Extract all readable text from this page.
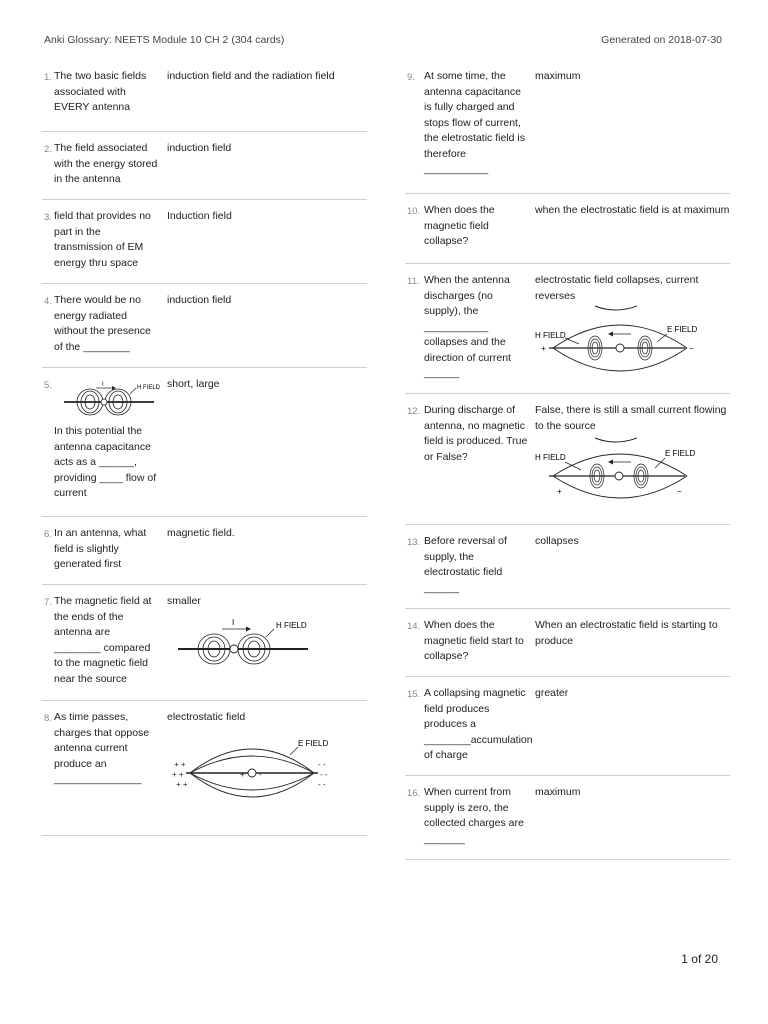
Anki Glossary: NEETS Module 10 CH 2 (304 cards)	Generated on 2018-07-30
1. The two basic fields associated with EVERY antenna
induction field and the radiation field
2. The field associated with the energy stored in the antenna
induction field
3. field that provides no part in the transmission of EM energy thru space
Induction field
4. There would be no energy radiated without the presence of the ________
induction field
5.	I	H FIELD
In this potential the antenna capacitance acts as a ______, providing ____ flow of current
short, large
6. In an antenna, what field is slightly generated first
magnetic field.
7. The magnetic field at the ends of the antenna are ________ compared to the magnetic field near the source
smaller
I	H FIELD
8. As time passes, charges that oppose antenna current produce an _______________
electrostatic field
+ +
+ +
+ +
- -
- -
- -
+ -
E FIELD
9. At some time, the antenna capacitance is fully charged and stops flow of current, the eletrostatic field is therefore ___________
maximum
10. When does the magnetic field collapse?
when the electrostatic field is at maximum
11. When the antenna discharges (no supply), the ___________ collapses and the direction of current ______
electrostatic field collapses, current reverses
H FIELD
E FIELD
+	−
12. During discharge of antenna, no magnetic field is produced. True or False?
False, there is still a small current flowing to the source
H FIELD	E FIELD
+	−
13. Before reversal of supply, the electrostatic field ______
collapses
14. When does the magnetic field start to collapse?
When an electrostatic field is starting to produce
15. A collapsing magnetic field produces produces a ________accumulation of charge
greater
16. When current from supply is zero, the collected charges are _______
maximum
1 of 20
